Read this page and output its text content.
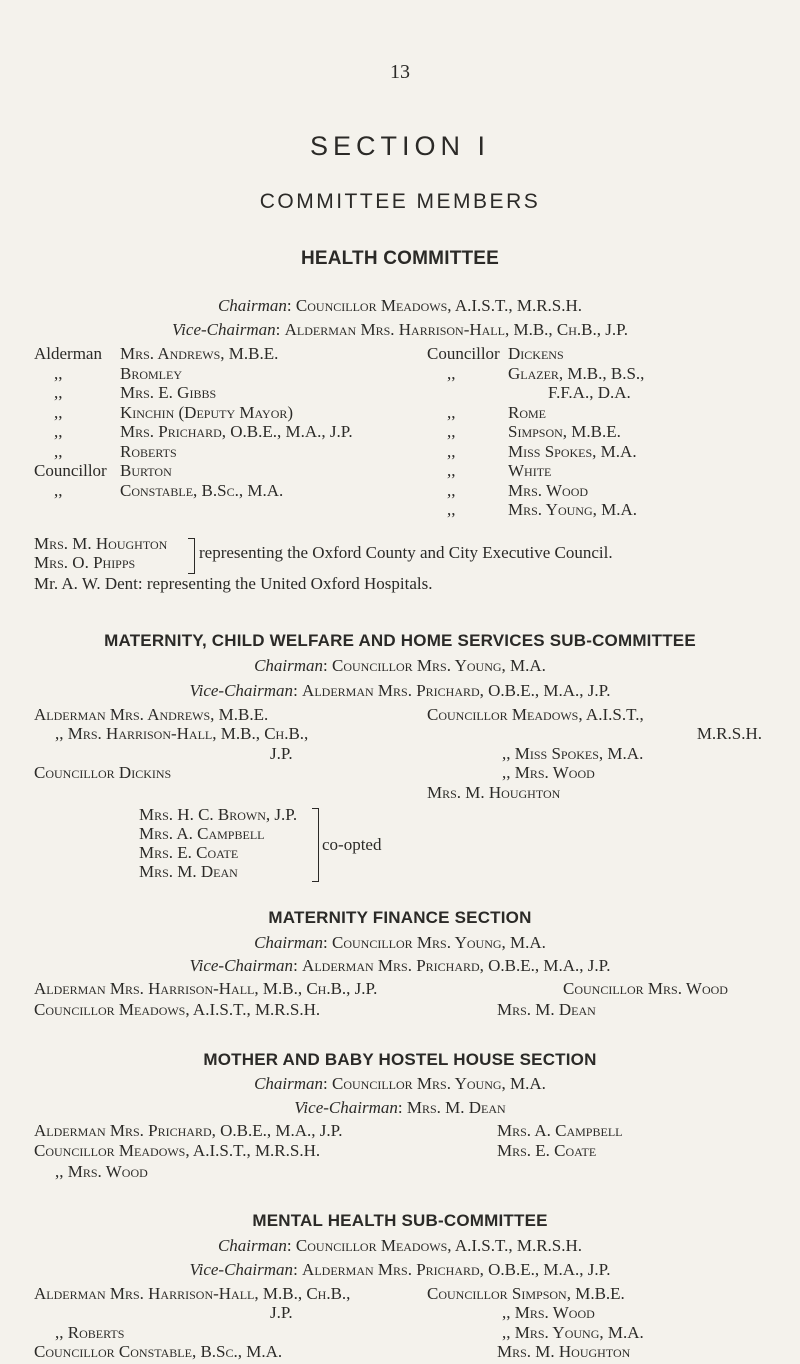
13
SECTION I
COMMITTEE MEMBERS
HEALTH COMMITTEE
Chairman: Councillor Meadows, A.I.S.T., M.R.S.H.
Vice-Chairman: Alderman Mrs. Harrison-Hall, M.B., Ch.B., J.P.
Alderman Mrs. Andrews, M.B.E.
,,	Bromley
,,	Mrs. E. Gibbs
,,	Kinchin (Deputy Mayor)
,,	Mrs. Prichard, O.B.E., M.A., J.P.
,,	Roberts
Councillor Burton
,,	Constable, B.Sc., M.A.
Councillor Dickens
,,	Glazer, M.B., B.S.,
F.F.A., D.A.
,,	Rome
,,	Simpson, M.B.E.
,,	Miss Spokes, M.A.
,,	White
,,	Mrs. Wood
,,	Mrs. Young, M.A.
Mrs. M. Houghton
Mrs. O. Phipps
representing the Oxford County and City Executive Council.
Mr. A. W. Dent: representing the United Oxford Hospitals.
MATERNITY, CHILD WELFARE AND HOME SERVICES SUB-COMMITTEE
Chairman: Councillor Mrs. Young, M.A.
Vice-Chairman: Alderman Mrs. Prichard, O.B.E., M.A., J.P.
Alderman Mrs. Andrews, M.B.E.
,, Mrs. Harrison-Hall, M.B., Ch.B.,
J.P.
Councillor Dickins
Councillor Meadows, A.I.S.T.,
M.R.S.H.
,, Miss Spokes, M.A.
,, Mrs. Wood
Mrs. M. Houghton
Mrs. H. C. Brown, J.P.
Mrs. A. Campbell
Mrs. E. Coate
Mrs. M. Dean
co-opted
MATERNITY FINANCE SECTION
Chairman: Councillor Mrs. Young, M.A.
Vice-Chairman: Alderman Mrs. Prichard, O.B.E., M.A., J.P.
Alderman Mrs. Harrison-Hall, M.B., Ch.B., J.P.	Councillor Mrs. Wood
Councillor Meadows, A.I.S.T., M.R.S.H.	Mrs. M. Dean
MOTHER AND BABY HOSTEL HOUSE SECTION
Chairman: Councillor Mrs. Young, M.A.
Vice-Chairman: Mrs. M. Dean
Alderman Mrs. Prichard, O.B.E., M.A., J.P.	Mrs. A. Campbell
Councillor Meadows, A.I.S.T., M.R.S.H.	Mrs. E. Coate
,, Mrs. Wood
MENTAL HEALTH SUB-COMMITTEE
Chairman: Councillor Meadows, A.I.S.T., M.R.S.H.
Vice-Chairman: Alderman Mrs. Prichard, O.B.E., M.A., J.P.
Alderman Mrs. Harrison-Hall, M.B., Ch.B.,
J.P.
,, Roberts
Councillor Constable, B.Sc., M.A.
Councillor Simpson, M.B.E.
,, Mrs. Wood
,, Mrs. Young, M.A.
Mrs. M. Houghton
